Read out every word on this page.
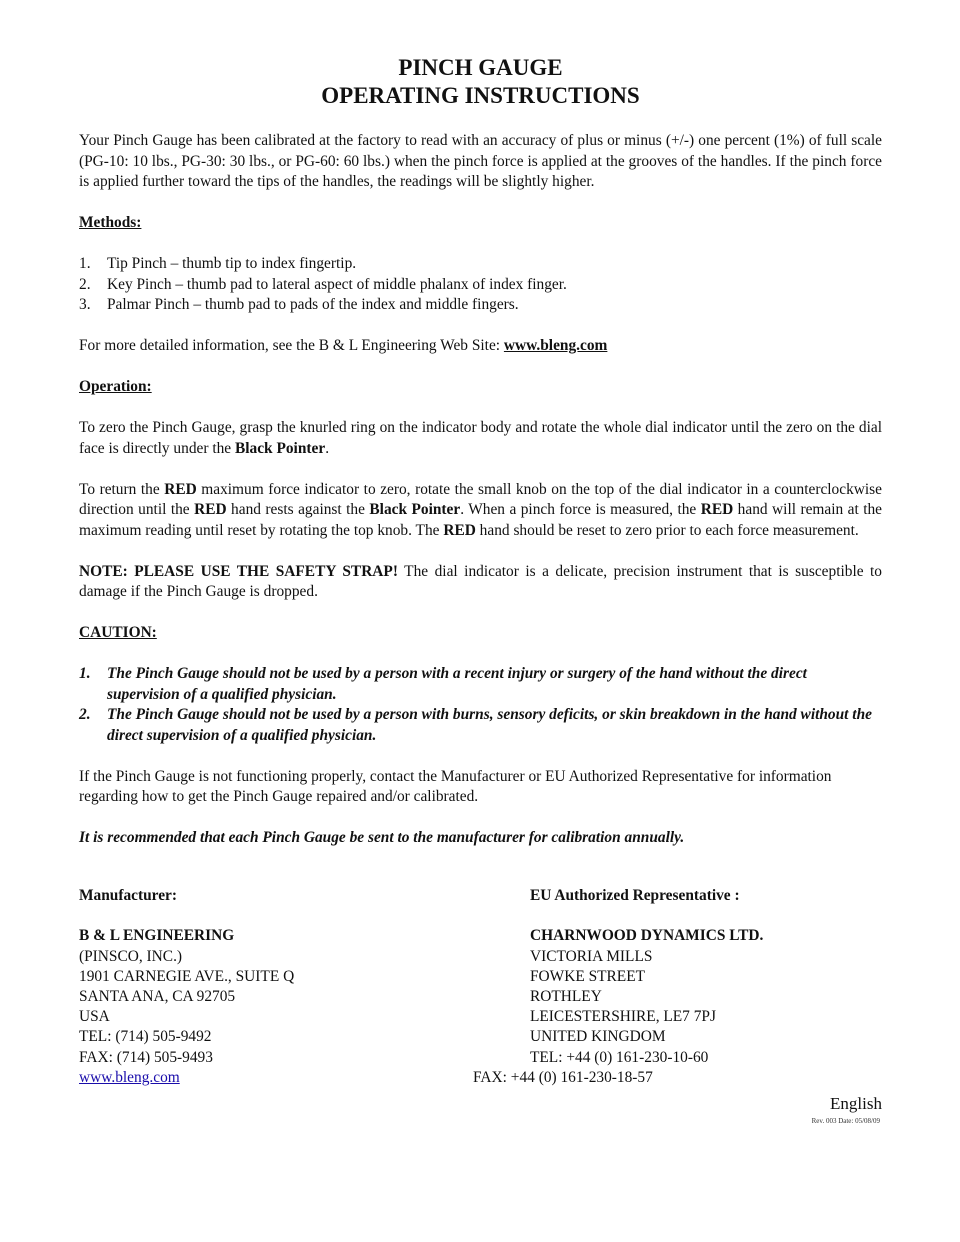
PINCH GAUGE
OPERATING INSTRUCTIONS

Your Pinch Gauge has been calibrated at the factory to read with an accuracy of plus or minus (+/-) one percent (1%) of full scale (PG-10: 10 lbs., PG-30: 30 lbs., or PG-60: 60 lbs.) when the pinch force is applied at the grooves of the handles. If the pinch force is applied further toward the tips of the handles, the readings will be slightly higher.

Methods:

1. Tip Pinch – thumb tip to index fingertip.
2. Key Pinch – thumb pad to lateral aspect of middle phalanx of index finger.
3. Palmar Pinch – thumb pad to pads of the index and middle fingers.

For more detailed information, see the B & L Engineering Web Site: www.bleng.com

Operation:

To zero the Pinch Gauge, grasp the knurled ring on the indicator body and rotate the whole dial indicator until the zero on the dial face is directly under the Black Pointer.

To return the RED maximum force indicator to zero, rotate the small knob on the top of the dial indicator in a counterclockwise direction until the RED hand rests against the Black Pointer. When a pinch force is measured, the RED hand will remain at the maximum reading until reset by rotating the top knob. The RED hand should be reset to zero prior to each force measurement.

NOTE: PLEASE USE THE SAFETY STRAP! The dial indicator is a delicate, precision instrument that is susceptible to damage if the Pinch Gauge is dropped.

CAUTION:

1. The Pinch Gauge should not be used by a person with a recent injury or surgery of the hand without the direct supervision of a qualified physician.
2. The Pinch Gauge should not be used by a person with burns, sensory deficits, or skin breakdown in the hand without the direct supervision of a qualified physician.

If the Pinch Gauge is not functioning properly, contact the Manufacturer or EU Authorized Representative for information regarding how to get the Pinch Gauge repaired and/or calibrated.

It is recommended that each Pinch Gauge be sent to the manufacturer for calibration annually.

Manufacturer:

B & L ENGINEERING
(PINSCO, INC.)
1901 CARNEGIE AVE., SUITE Q
SANTA ANA, CA 92705
USA
TEL: (714) 505-9492
FAX: (714) 505-9493
www.bleng.com
EU Authorized Representative :

CHARNWOOD DYNAMICS LTD.
VICTORIA MILLS
FOWKE STREET
ROTHLEY
LEICESTERSHIRE, LE7 7PJ
UNITED KINGDOM
TEL: +44 (0) 161-230-10-60
FAX: +44 (0) 161-230-18-57
English
Rev. 003 Date: 05/08/09
